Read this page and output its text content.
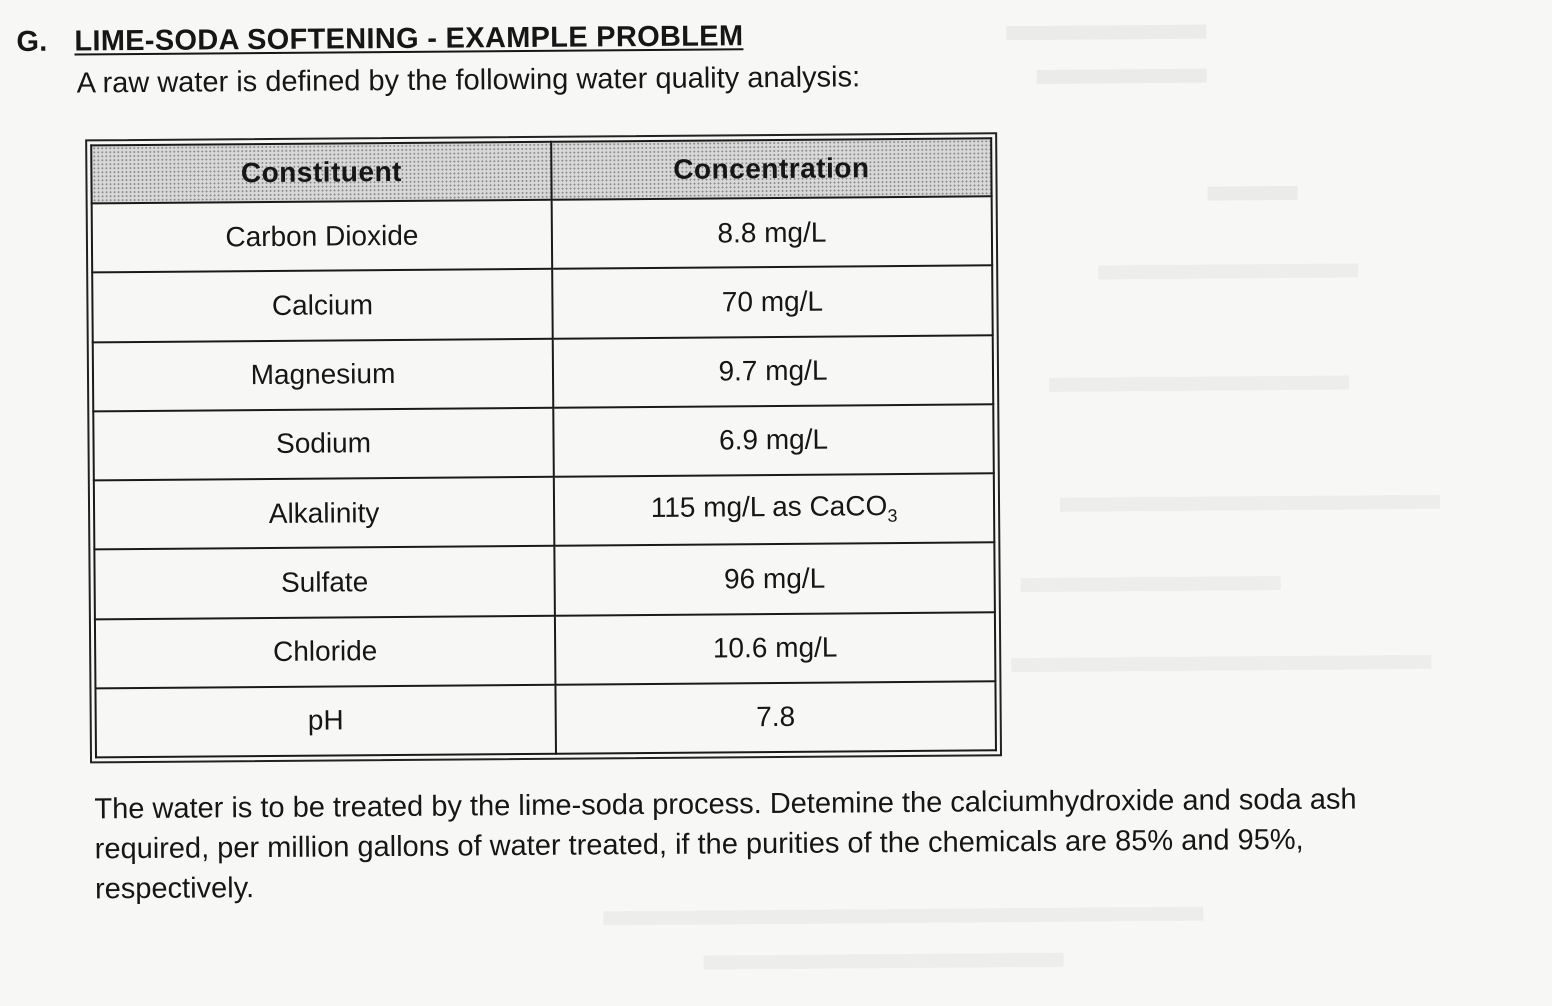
G. LIME-SODA SOFTENING - EXAMPLE PROBLEM
A raw water is defined by the following water quality analysis:
Constituent	Concentration
Carbon Dioxide	8.8 mg/L
Calcium	70 mg/L
Magnesium	9.7 mg/L
Sodium	6.9 mg/L
Alkalinity	115 mg/L as CaCO$_3$
Sulfate	96 mg/L
Chloride	10.6 mg/L
pH	7.8
The water is to be treated by the lime-soda process. Detemine the calciumhydroxide and soda ash required, per million gallons of water treated, if the purities of the chemicals are 85% and 95%, respectively.
